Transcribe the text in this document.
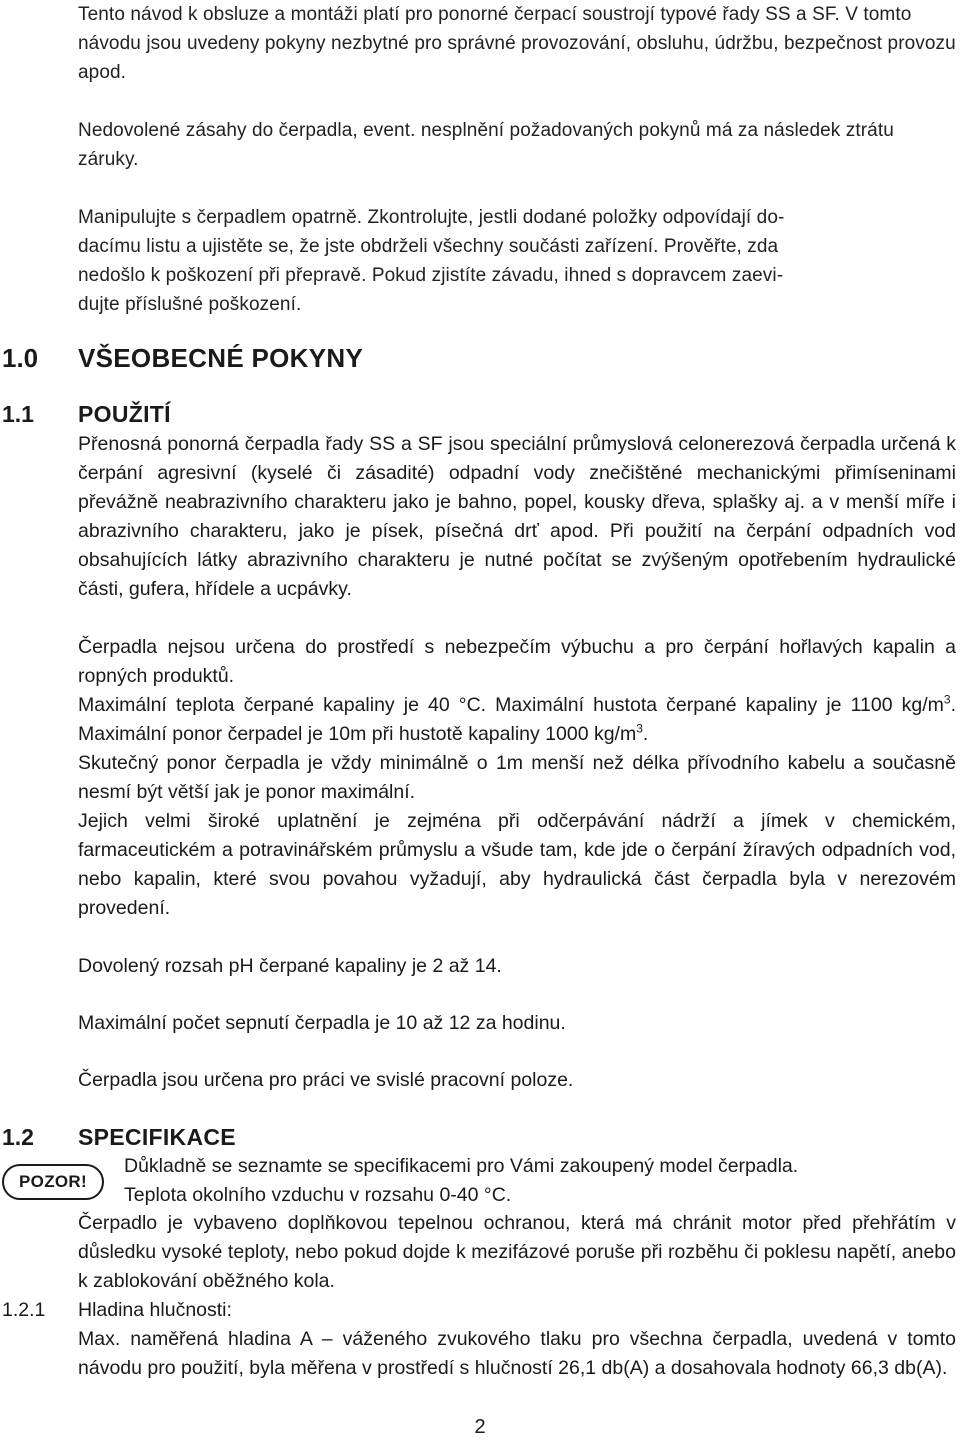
Tento návod k obsluze a montáži platí pro ponorné čerpací soustrojí typové řady SS a SF. V tomto návodu jsou uvedeny pokyny nezbytné pro správné provozování, obsluhu, údržbu, bezpečnost provozu apod.

Nedovolené zásahy do čerpadla, event. nesplnění požadovaných pokynů má za následek ztrátu záruky.

Manipulujte s čerpadlem opatrně. Zkontrolujte, jestli dodané položky odpovídají do-

dacímu listu a ujistěte se, že jste obdrželi všechny součásti zařízení. Prověřte, zda

nedošlo k poškození při přepravě. Pokud zjistíte závadu, ihned s dopravcem zaevi-

dujte příslušné poškození.

1.0 VŠEOBECNÉ POKYNY
1.1 POUŽITÍ

Přenosná ponorná čerpadla řady SS a SF jsou speciální průmyslová celonerezová čerpadla určená k čerpání agresivní (kyselé či zásadité) odpadní vody znečištěné mechanickými přimíseninami převážně neabrazivního charakteru jako je bahno, popel, kousky dřeva, splašky aj. a v menší míře i abrazivního charakteru, jako je písek, písečná drť apod. Při použití na čerpání odpadních vod obsahujících látky abrazivního charakteru je nutné počítat se zvýšeným opotřebením hydraulické části, gufera, hřídele a ucpávky.

Čerpadla nejsou určena do prostředí s nebezpečím výbuchu a pro čerpání hořlavých kapalin a ropných produktů.

Maximální teplota čerpané kapaliny je 40 °C. Maximální hustota čerpané kapaliny je 1100 $kg/m^3$. Maximální ponor čerpadel je 10m při hustotě kapaliny 1000 $kg/m^3$.

Skutečný ponor čerpadla je vždy minimálně o 1m menší než délka přívodního kabelu a současně nesmí být větší jak je ponor maximální.

Jejich velmi široké uplatnění je zejména při odčerpávání nádrží a jímek v chemickém, farmaceutickém a potravinářském průmyslu a všude tam, kde jde o čerpání žíravých odpadních vod, nebo kapalin, které svou povahou vyžadují, aby hydraulická část čerpadla byla v nerezovém provedení.

Dovolený rozsah pH čerpané kapaliny je 2 až 14.

Maximální počet sepnutí čerpadla je 10 až 12 za hodinu.

Čerpadla jsou určena pro práci ve svislé pracovní poloze.

1.2 SPECIFIKACE
POZOR!

Důkladně se seznamte se specifikacemi pro Vámi zakoupený model čerpadla.

Teplota okolního vzduchu v rozsahu 0-40 °C.

Čerpadlo je vybaveno doplňkovou tepelnou ochranou, která má chránit motor před přehřátím v důsledku vysoké teploty, nebo pokud dojde k mezifázové poruše při rozběhu či poklesu napětí, anebo k zablokování oběžného kola.

1.2.1 Hladina hlučnosti:

Max. naměřená hladina A – váženého zvukového tlaku pro všechna čerpadla, uvedená v tomto návodu pro použití, byla měřena v prostředí s hlučností 26,1 db(A) a dosahovala hodnoty 66,3 db(A).

2
